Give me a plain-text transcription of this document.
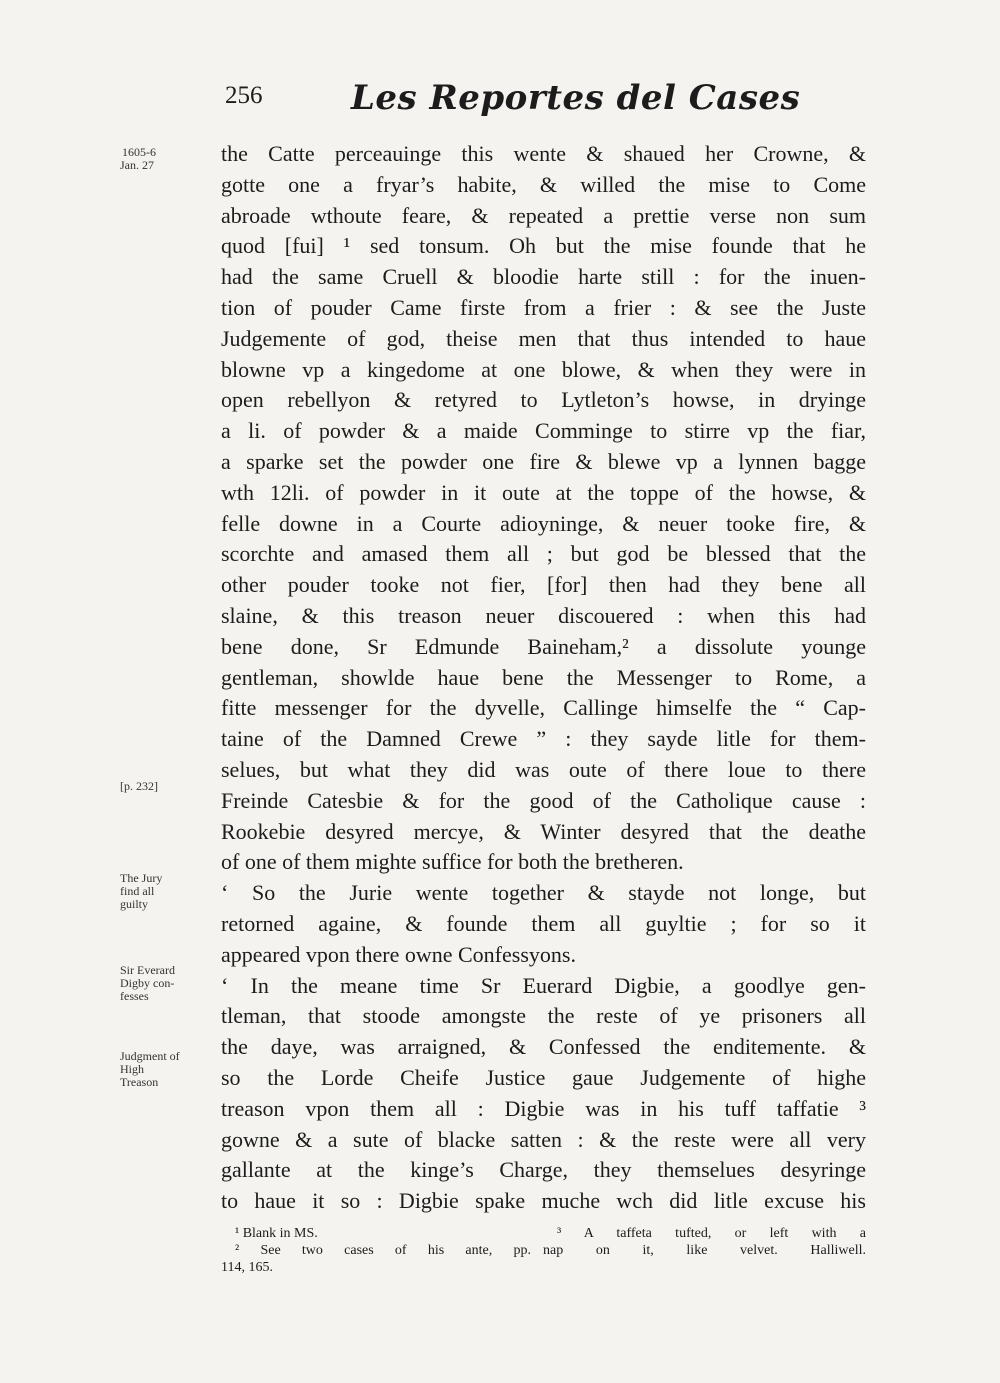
256	Les Reportes del Cases
1605-6
Jan. 27
[p. 232]
The Jury
find all
guilty
Sir Everard
Digby con-
fesses
Judgment of
High
Treason
the Catte perceauinge this wente & shaued her Crowne, &
gotte one a fryar’s habite, & willed the mise to Come
abroade wthoute feare, & repeated a prettie verse non sum
quod [fui] ¹ sed tonsum. Oh but the mise founde that he
had the same Cruell & bloodie harte still : for the inuen-
tion of pouder Came firste from a frier : & see the Juste
Judgemente of god, theise men that thus intended to haue
blowne vp a kingedome at one blowe, & when they were in
open rebellyon & retyred to Lytleton’s howse, in dryinge
a li. of powder & a maide Comminge to stirre vp the fiar,
a sparke set the powder one fire & blewe vp a lynnen bagge
wth 12li. of powder in it oute at the toppe of the howse, &
felle downe in a Courte adioyninge, & neuer tooke fire, &
scorchte and amased them all ; but god be blessed that the
other pouder tooke not fier, [for] then had they bene all
slaine, & this treason neuer discouered : when this had
bene done, Sr Edmunde Baineham,² a dissolute younge
gentleman, showlde haue bene the Messenger to Rome, a
fitte messenger for the dyvelle, Callinge himselfe the “ Cap-
taine of the Damned Crewe ” : they sayde litle for them-
selues, but what they did was oute of there loue to there
Freinde Catesbie & for the good of the Catholique cause :
Rookebie desyred mercye, & Winter desyred that the deathe
of one of them mighte suffice for both the bretheren.
‘ So the Jurie wente together & stayde not longe, but
retorned againe, & founde them all guyltie ; for so it
appeared vpon there owne Confessyons.
‘ In the meane time Sr Euerard Digbie, a goodlye gen-
tleman, that stoode amongste the reste of ye prisoners all
the daye, was arraigned, & Confessed the enditemente. &
so the Lorde Cheife Justice gaue Judgemente of highe
treason vpon them all : Digbie was in his tuff taffatie ³
gowne & a sute of blacke satten : & the reste were all very
gallante at the kinge’s Charge, they themselues desyringe
to haue it so : Digbie spake muche wch did litle excuse his
¹ Blank in MS.
² See two cases of his ante, pp.
114, 165.
³ A taffeta tufted, or left with a
nap on it, like velvet. Halliwell.
